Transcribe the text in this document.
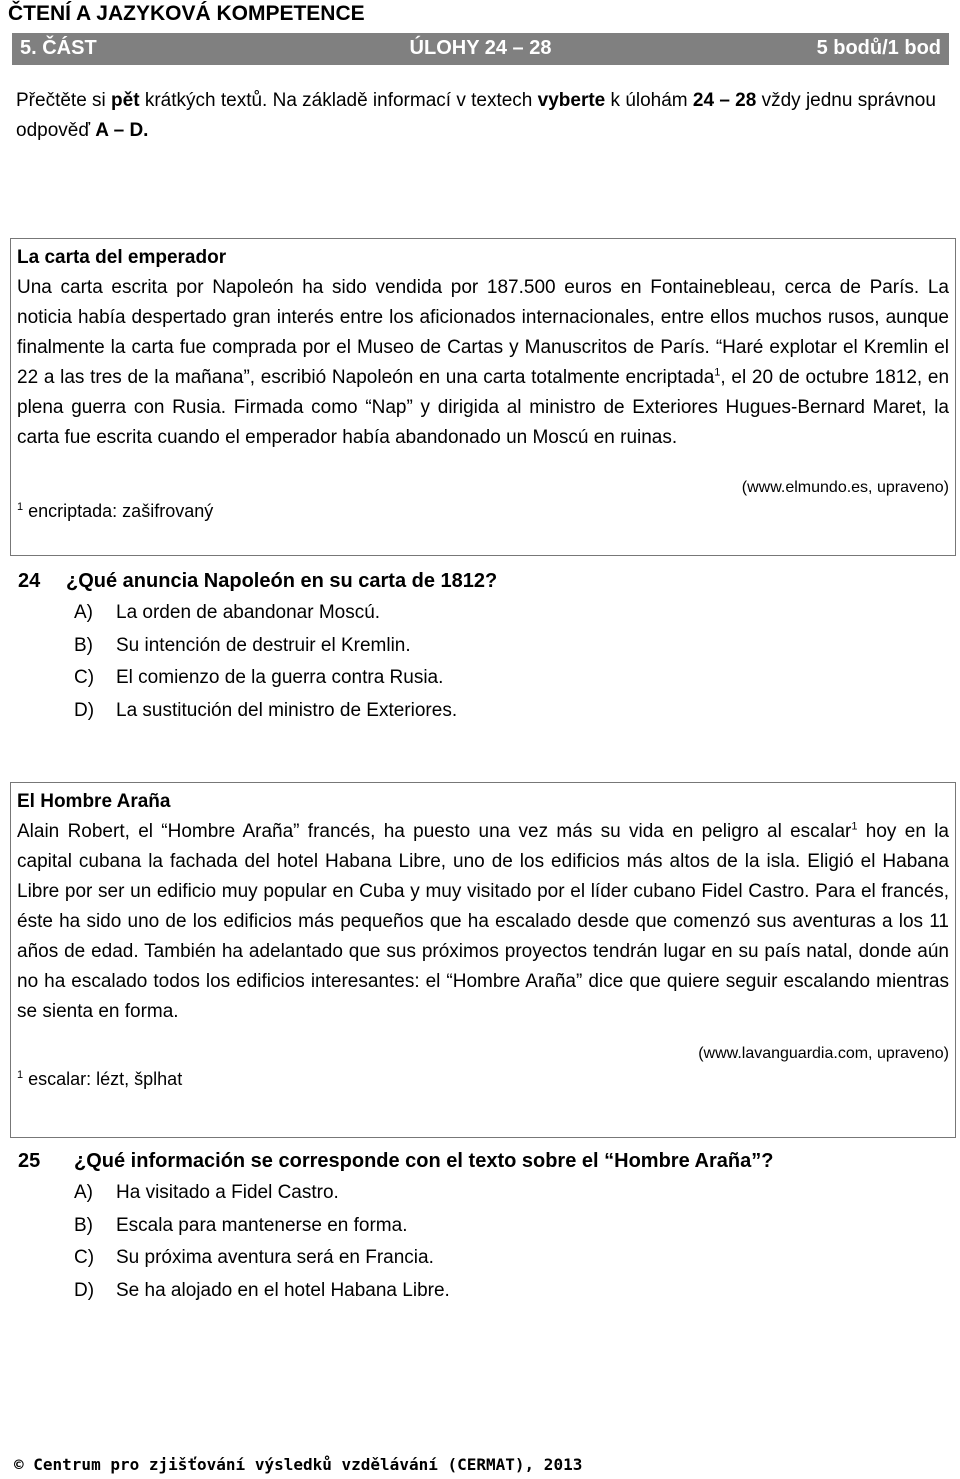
ČTENÍ A JAZYKOVÁ KOMPETENCE
ÚLOHY 24 – 28
5. ČÁST	5 bodů/1 bod
Přečtěte si pět krátkých textů. Na základě informací v textech vyberte k úlohám 24 – 28 vždy jednu správnou odpověď A – D.
La carta del emperador
Una carta escrita por Napoleón ha sido vendida por 187.500 euros en Fontainebleau, cerca de París. La noticia había despertado gran interés entre los aficionados internacionales, entre ellos muchos rusos, aunque finalmente la carta fue comprada por el Museo de Cartas y Manuscritos de París. “Haré explotar el Kremlin el 22 a las tres de la mañana”, escribió Napoleón en una carta totalmente encriptada$^1$, el 20 de octubre 1812, en plena guerra con Rusia. Firmada como “Nap” y dirigida al ministro de Exteriores Hugues-Bernard Maret, la carta fue escrita cuando el emperador había abandonado un Moscú en ruinas.
(www.elmundo.es, upraveno)
$^1$ encriptada: zašifrovaný
24 ¿Qué anuncia Napoleón en su carta de 1812?
A) La orden de abandonar Moscú.
B) Su intención de destruir el Kremlin.
C) El comienzo de la guerra contra Rusia.
D) La sustitución del ministro de Exteriores.
El Hombre Araña
Alain Robert, el “Hombre Araña” francés, ha puesto una vez más su vida en peligro al escalar$^1$ hoy en la capital cubana la fachada del hotel Habana Libre, uno de los edificios más altos de la isla. Eligió el Habana Libre por ser un edificio muy popular en Cuba y muy visitado por el líder cubano Fidel Castro. Para el francés, éste ha sido uno de los edificios más pequeños que ha escalado desde que comenzó sus aventuras a los 11 años de edad. También ha adelantado que sus próximos proyectos tendrán lugar en su país natal, donde aún no ha escalado todos los edificios interesantes: el “Hombre Araña” dice que quiere seguir escalando mientras se sienta en forma.
(www.lavanguardia.com, upraveno)
$^1$ escalar: lézt, šplhat
25 ¿Qué información se corresponde con el texto sobre el “Hombre Araña”?
A) Ha visitado a Fidel Castro.
B) Escala para mantenerse en forma.
C) Su próxima aventura será en Francia.
D) Se ha alojado en el hotel Habana Libre.
© Centrum pro zjišťování výsledků vzdělávání (CERMAT), 2013
